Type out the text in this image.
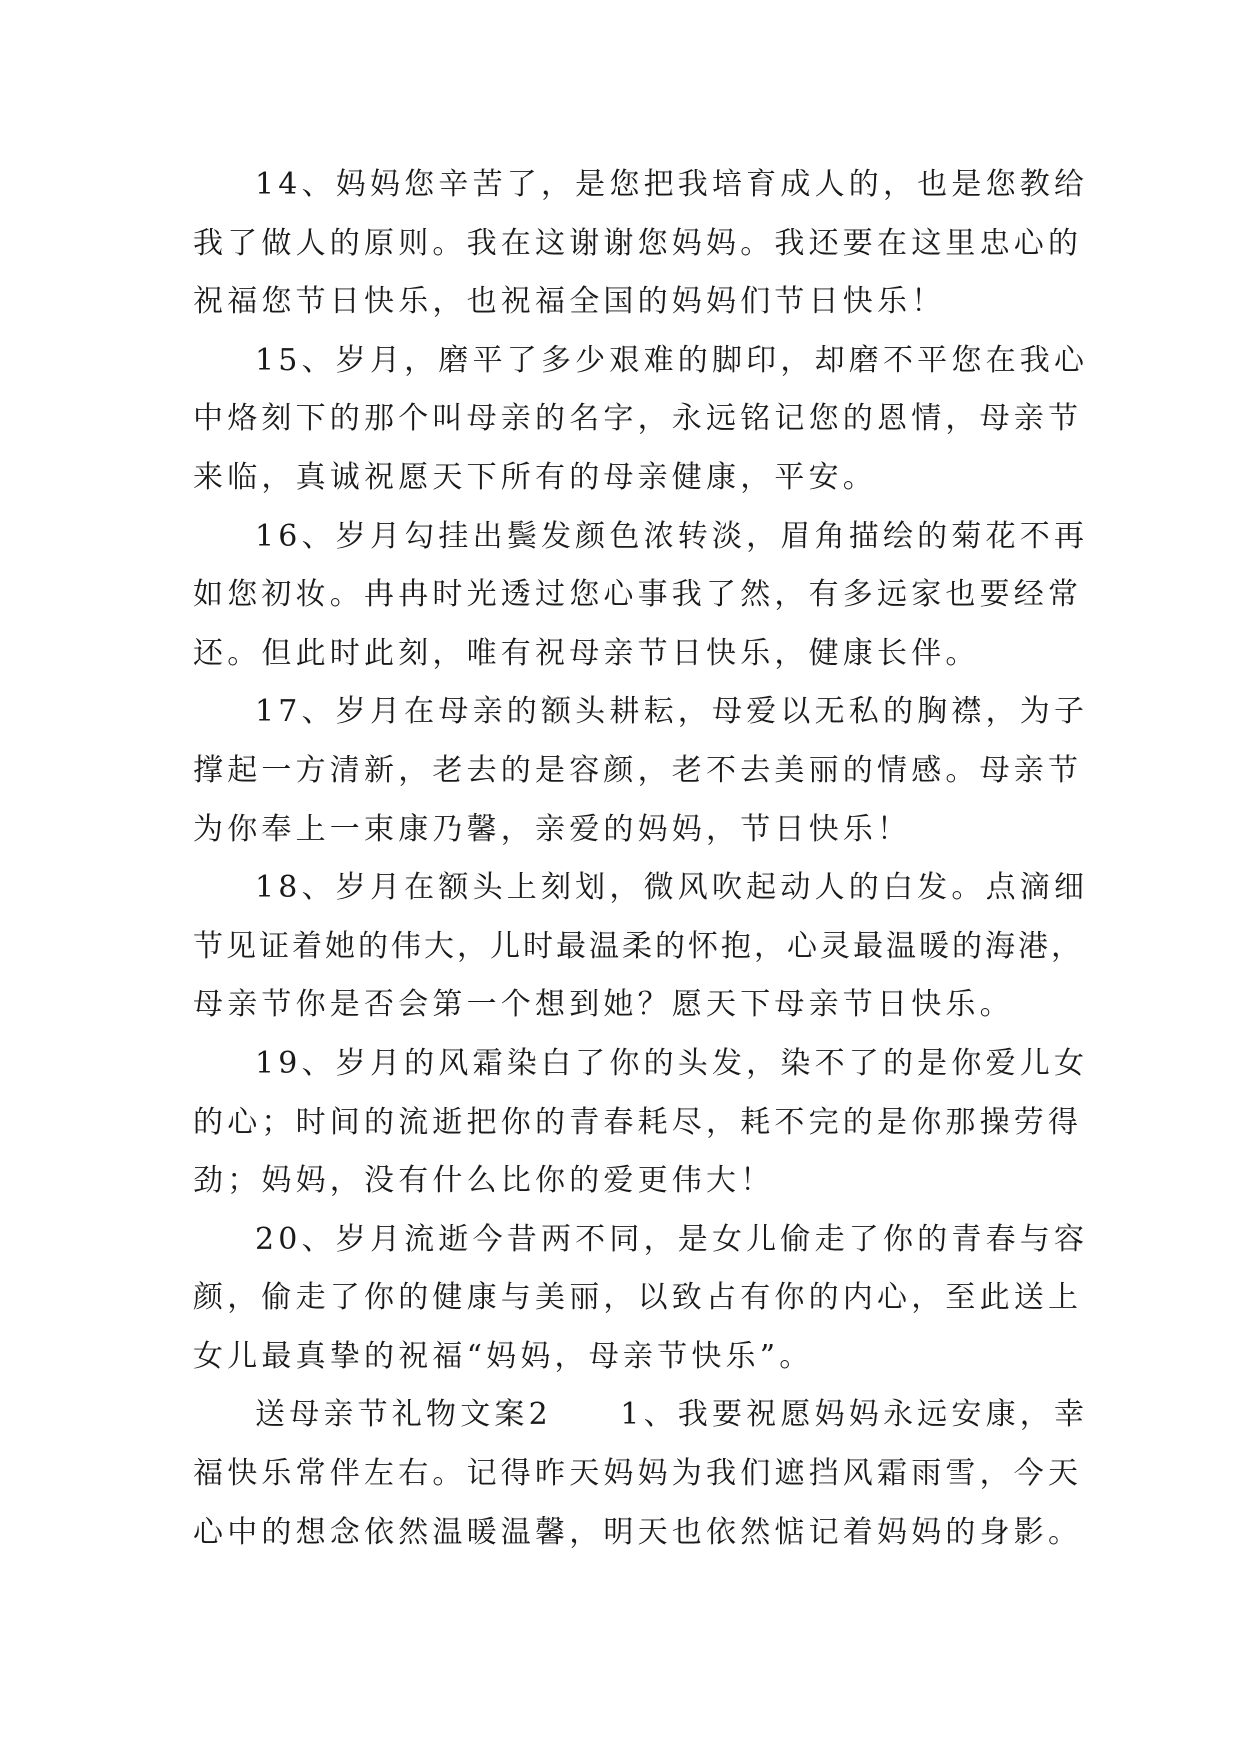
14、妈妈您辛苦了，是您把我培育成人的，也是您教给
我了做人的原则。我在这谢谢您妈妈。我还要在这里忠心的
祝福您节日快乐，也祝福全国的妈妈们节日快乐！

15、岁月，磨平了多少艰难的脚印，却磨不平您在我心
中烙刻下的那个叫母亲的名字，永远铭记您的恩情，母亲节
来临，真诚祝愿天下所有的母亲健康，平安。

16、岁月勾挂出鬓发颜色浓转淡，眉角描绘的菊花不再
如您初妆。冉冉时光透过您心事我了然，有多远家也要经常
还。但此时此刻，唯有祝母亲节日快乐，健康长伴。

17、岁月在母亲的额头耕耘，母爱以无私的胸襟，为子
撑起一方清新，老去的是容颜，老不去美丽的情感。母亲节
为你奉上一束康乃馨，亲爱的妈妈，节日快乐！

18、岁月在额头上刻划，微风吹起动人的白发。点滴细
节见证着她的伟大，儿时最温柔的怀抱，心灵最温暖的海港，
母亲节你是否会第一个想到她？愿天下母亲节日快乐。

19、岁月的风霜染白了你的头发，染不了的是你爱儿女
的心；时间的流逝把你的青春耗尽，耗不完的是你那操劳得
劲；妈妈，没有什么比你的爱更伟大！

20、岁月流逝今昔两不同，是女儿偷走了你的青春与容
颜，偷走了你的健康与美丽，以致占有你的内心，至此送上
女儿最真挚的祝福“妈妈，母亲节快乐”。

送母亲节礼物文案2　　1、我要祝愿妈妈永远安康，幸
福快乐常伴左右。记得昨天妈妈为我们遮挡风霜雨雪，今天
心中的想念依然温暖温馨，明天也依然惦记着妈妈的身影。
